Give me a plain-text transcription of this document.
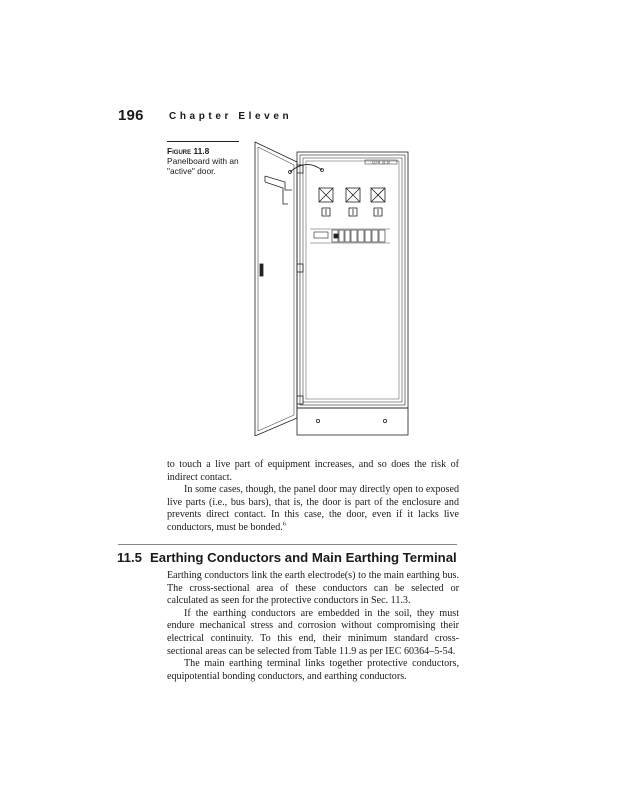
196	Chapter Eleven
Figure 11.8
Panelboard with an "active" door.
CO-N. 31-10

to touch a live part of equipment increases, and so does the risk of indirect contact.

In some cases, though, the panel door may directly open to exposed live parts (i.e., bus bars), that is, the door is part of the enclosure and prevents direct contact. In this case, the door, even if it lacks live conductors, must be bonded.$^6$

11.5 Earthing Conductors and Main Earthing Terminal

Earthing conductors link the earth electrode(s) to the main earthing bus. The cross-sectional area of these conductors can be selected or calculated as seen for the protective conductors in Sec. 11.3.

If the earthing conductors are embedded in the soil, they must endure mechanical stress and corrosion without compromising their electrical continuity. To this end, their minimum standard cross-sectional areas can be selected from Table 11.9 as per IEC 60364–5-54.

The main earthing terminal links together protective conductors, equipotential bonding conductors, and earthing conductors.
